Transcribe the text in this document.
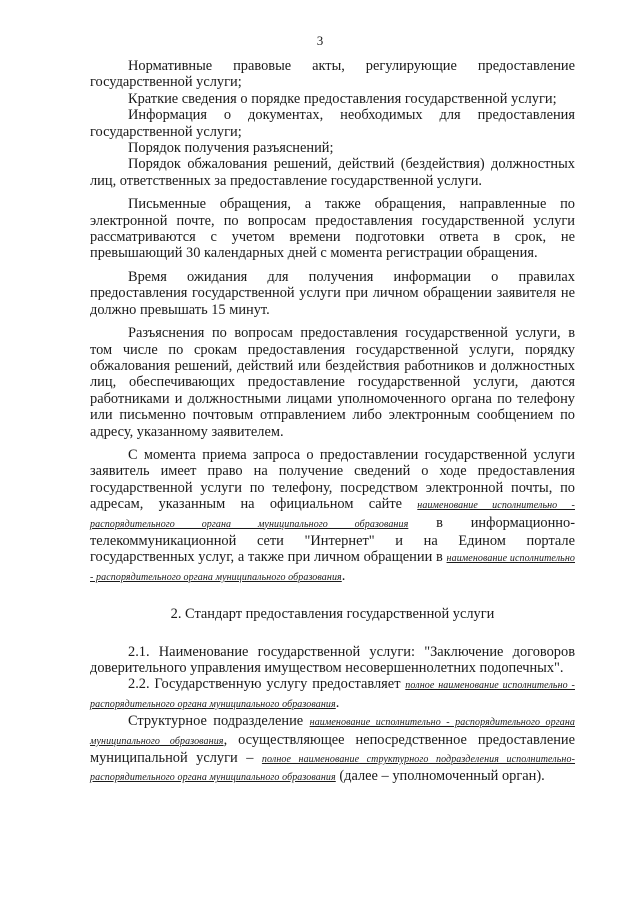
3

Нормативные правовые акты, регулирующие предоставление государственной услуги;

Краткие сведения о порядке предоставления государственной услуги;

Информация о документах, необходимых для предоставления государственной услуги;

Порядок получения разъяснений;

Порядок обжалования решений, действий (бездействия) должностных лиц, ответственных за предоставление государственной услуги.

Письменные обращения, а также обращения, направленные по электронной почте, по вопросам предоставления государственной услуги рассматриваются с учетом времени подготовки ответа в срок, не превышающий 30 календарных дней с момента регистрации обращения.

Время ожидания для получения информации о правилах предоставления государственной услуги при личном обращении заявителя не должно превышать 15 минут.

Разъяснения по вопросам предоставления государственной услуги, в том числе по срокам предоставления государственной услуги, порядку обжалования решений, действий или бездействия работников и должностных лиц, обеспечивающих предоставление государственной услуги, даются работниками и должностными лицами уполномоченного органа по телефону или письменно почтовым отправлением либо электронным сообщением по адресу, указанному заявителем.

С момента приема запроса о предоставлении государственной услуги заявитель имеет право на получение сведений о ходе предоставления государственной услуги по телефону, посредством электронной почты, по адресам, указанным на официальном сайте наименование исполнительно - распорядительного органа муниципального образования в информационно-телекоммуникационной сети "Интернет" и на Едином портале государственных услуг, а также при личном обращении в наименование исполнительно - распорядительного органа муниципального образования.

2. Стандарт предоставления государственной услуги

2.1. Наименование государственной услуги: "Заключение договоров доверительного управления имуществом несовершеннолетних подопечных".

2.2. Государственную услугу предоставляет полное наименование исполнительно - распорядительного органа муниципального образования.

Структурное подразделение наименование исполнительно - распорядительного органа муниципального образования, осуществляющее непосредственное предоставление муниципальной услуги – полное наименование структурного подразделения исполнительно-распорядительного органа муниципального образования (далее – уполномоченный орган).
